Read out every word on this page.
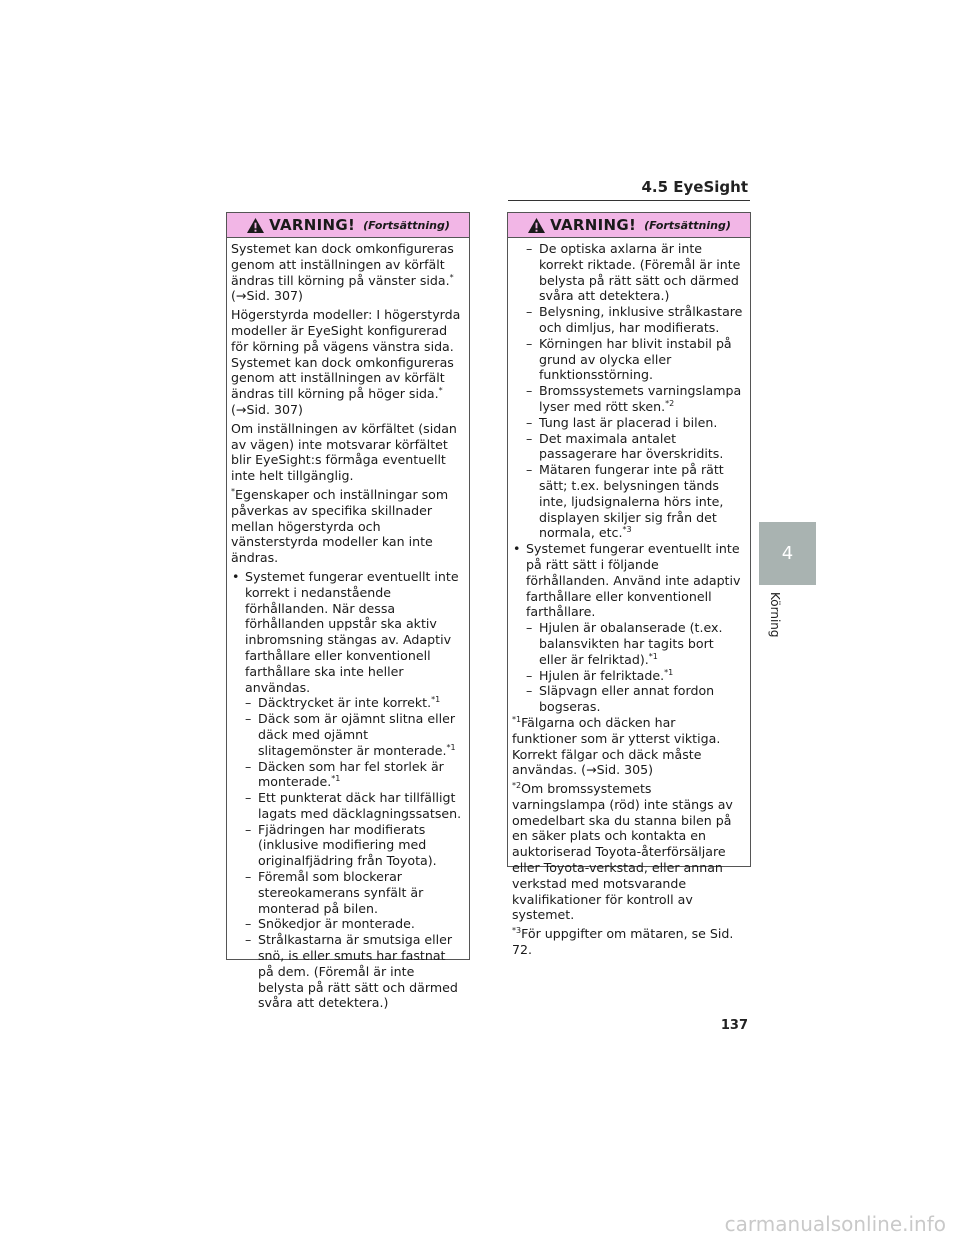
4.5 EyeSight
VARNING! (Fortsättning)

Systemet kan dock omkonfigureras genom att inställningen av körfält ändras till körning på vänster sida.*
(→Sid. 307)

Högerstyrda modeller: I högerstyrda modeller är EyeSight konfigurerad för körning på vägens vänstra sida. Systemet kan dock omkonfigureras genom att inställningen av körfält ändras till körning på höger sida.*
(→Sid. 307)

Om inställningen av körfältet (sidan av vägen) inte motsvarar körfältet blir EyeSight:s förmåga eventuellt inte helt tillgänglig.

*Egenskaper och inställningar som påverkas av specifika skillnader mellan högerstyrda och vänsterstyrda modeller kan inte ändras.

• Systemet fungerar eventuellt inte korrekt i nedanstående förhållanden. När dessa förhållanden uppstår ska aktiv inbromsning stängas av. Adaptiv farthållare eller konventionell farthållare ska inte heller användas.
– Däcktrycket är inte korrekt.$^{*1}$
– Däck som är ojämnt slitna eller däck med ojämnt slitagemönster är monterade.$^{*1}$
– Däcken som har fel storlek är monterade.$^{*1}$
– Ett punkterat däck har tillfälligt lagats med däcklagningssatsen.
– Fjädringen har modifierats (inklusive modifiering med originalfjädring från Toyota).
– Föremål som blockerar stereokamerans synfält är monterad på bilen.
– Snökedjor är monterade.
– Strålkastarna är smutsiga eller snö, is eller smuts har fastnat på dem. (Föremål är inte belysta på rätt sätt och därmed svåra att detektera.)
VARNING! (Fortsättning)
– De optiska axlarna är inte korrekt riktade. (Föremål är inte belysta på rätt sätt och därmed svåra att detektera.)
– Belysning, inklusive strålkastare och dimljus, har modifierats.
– Körningen har blivit instabil på grund av olycka eller funktionsstörning.
– Bromssystemets varningslampa lyser med rött sken.$^{*2}$
– Tung last är placerad i bilen.
– Det maximala antalet passagerare har överskridits.
– Mätaren fungerar inte på rätt sätt; t.ex. belysningen tänds inte, ljudsignalerna hörs inte, displayen skiljer sig från det normala, etc.$^{*3}$
• Systemet fungerar eventuellt inte på rätt sätt i följande förhållanden. Använd inte adaptiv farthållare eller konventionell farthållare.
– Hjulen är obalanserade (t.ex. balansvikten har tagits bort eller är felriktad).$^{*1}$
– Hjulen är felriktade.$^{*1}$
– Släpvagn eller annat fordon bogseras.

$^{*1}$Fälgarna och däcken har funktioner som är ytterst viktiga. Korrekt fälgar och däck måste användas. (→Sid. 305)

$^{*2}$Om bromssystemets varningslampa (röd) inte stängs av omedelbart ska du stanna bilen på en säker plats och kontakta en auktoriserad Toyota-återförsäljare eller Toyota-verkstad, eller annan verkstad med motsvarande kvalifikationer för kontroll av systemet.

$^{*3}$För uppgifter om mätaren, se Sid. 72.

4
Körning
137
carmanualsonline.info
